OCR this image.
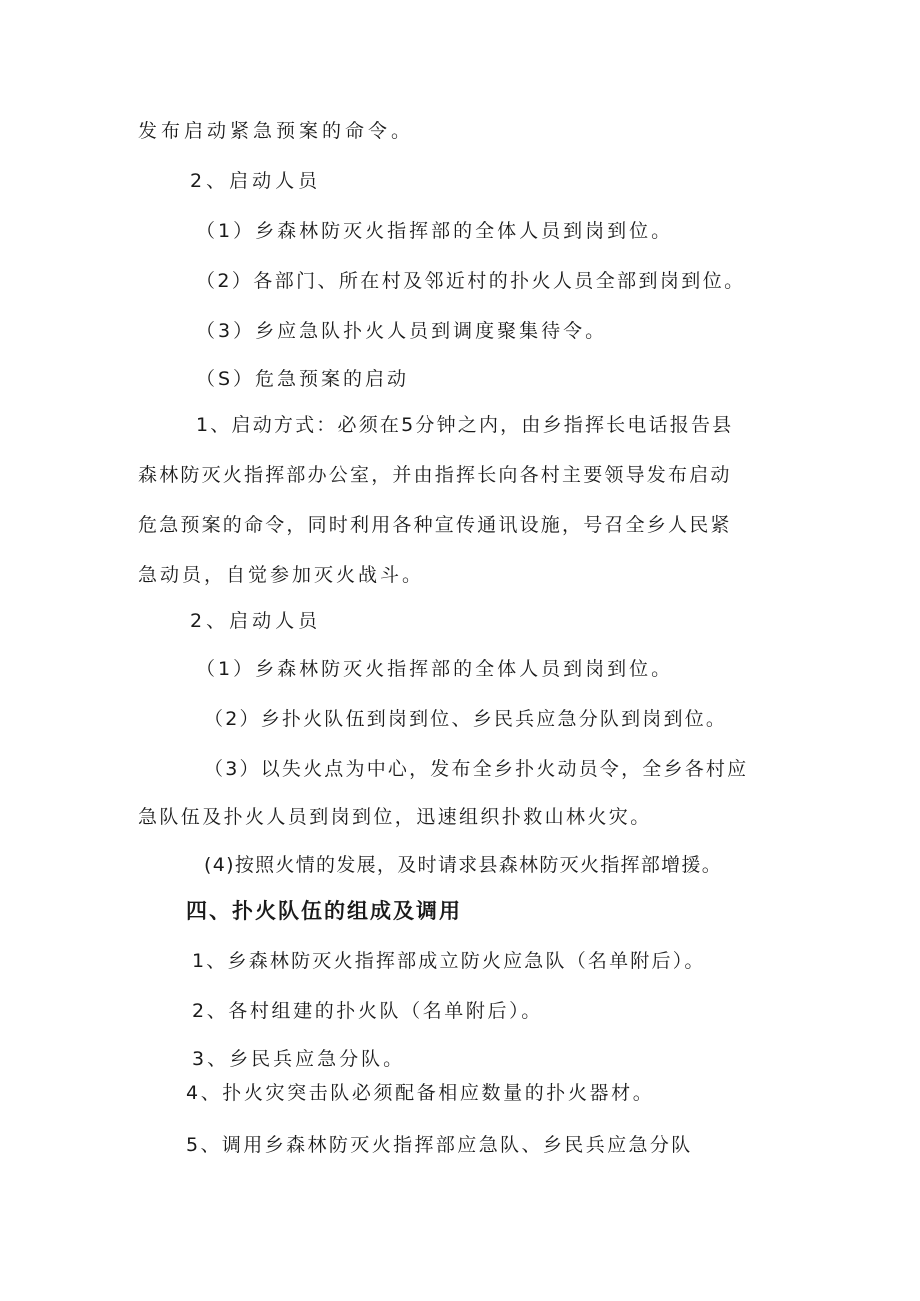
发布启动紧急预案的命令。
2、启动人员
（1）乡森林防灭火指挥部的全体人员到岗到位。
（2）各部门、所在村及邻近村的扑火人员全部到岗到位。
（3）乡应急队扑火人员到调度聚集待令。
（S）危急预案的启动
1、启动方式：必须在5分钟之内，由乡指挥长电话报告县
森林防灭火指挥部办公室，并由指挥长向各村主要领导发布启动
危急预案的命令，同时利用各种宣传通讯设施，号召全乡人民紧
急动员，自觉参加灭火战斗。
2、启动人员
（1）乡森林防灭火指挥部的全体人员到岗到位。
（2）乡扑火队伍到岗到位、乡民兵应急分队到岗到位。
（3）以失火点为中心，发布全乡扑火动员令，全乡各村应
急队伍及扑火人员到岗到位，迅速组织扑救山林火灾。
(4)按照火情的发展，及时请求县森林防灭火指挥部增援。
四、扑火队伍的组成及调用
1、乡森林防灭火指挥部成立防火应急队（名单附后）。
2、各村组建的扑火队（名单附后）。
3、乡民兵应急分队。
4、扑火灾突击队必须配备相应数量的扑火器材。
5、调用乡森林防灭火指挥部应急队、乡民兵应急分队
